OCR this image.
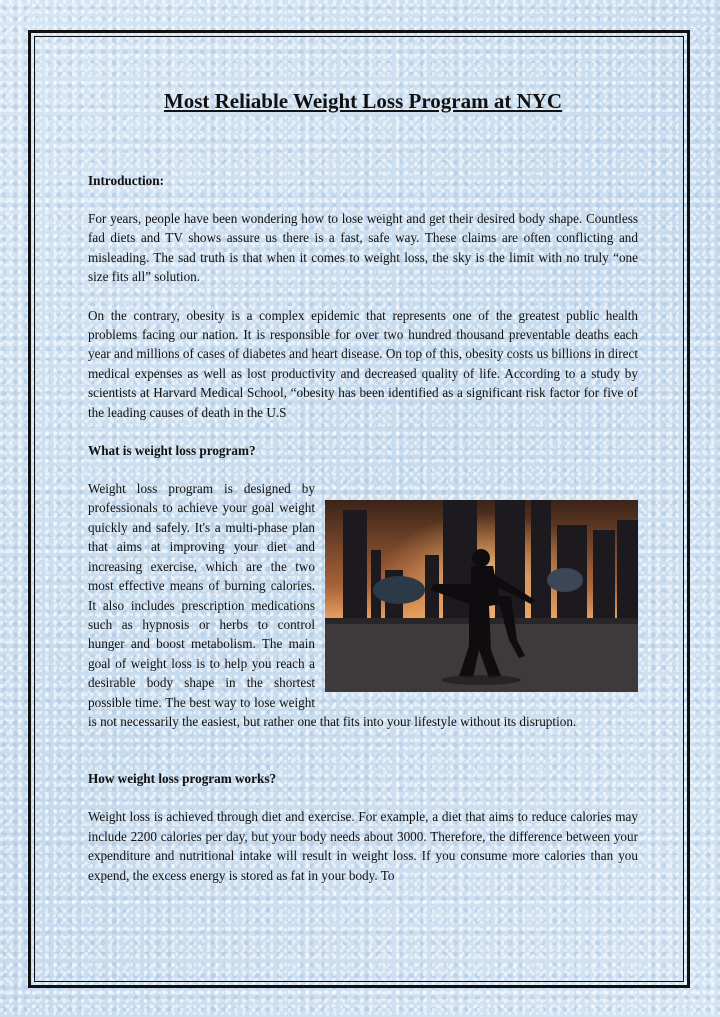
Most Reliable Weight Loss Program at NYC
Introduction:

For years, people have been wondering how to lose weight and get their desired body shape. Countless fad diets and TV shows assure us there is a fast, safe way. These claims are often conflicting and misleading. The sad truth is that when it comes to weight loss, the sky is the limit with no truly “one size fits all” solution.

On the contrary, obesity is a complex epidemic that represents one of the greatest public health problems facing our nation. It is responsible for over two hundred thousand preventable deaths each year and millions of cases of diabetes and heart disease. On top of this, obesity costs us billions in direct medical expenses as well as lost productivity and decreased quality of life. According to a study by scientists at Harvard Medical School, “obesity has been identified as a significant risk factor for five of the leading causes of death in the U.S

What is weight loss program?

Weight loss program is designed by professionals to achieve your goal weight quickly and safely. It's a multi-phase plan that aims at improving your diet and increasing exercise, which are the two most effective means of burning calories. It also includes prescription medications such as hypnosis or herbs to control hunger and boost metabolism. The main goal of weight loss is to help you reach a desirable body shape in the shortest possible time. The best way to lose weight is not necessarily the easiest, but rather one that fits into your lifestyle without its disruption.

How weight loss program works?

Weight loss is achieved through diet and exercise. For example, a diet that aims to reduce calories may include 2200 calories per day, but your body needs about 3000. Therefore, the difference between your expenditure and nutritional intake will result in weight loss. If you consume more calories than you expend, the excess energy is stored as fat in your body. To
